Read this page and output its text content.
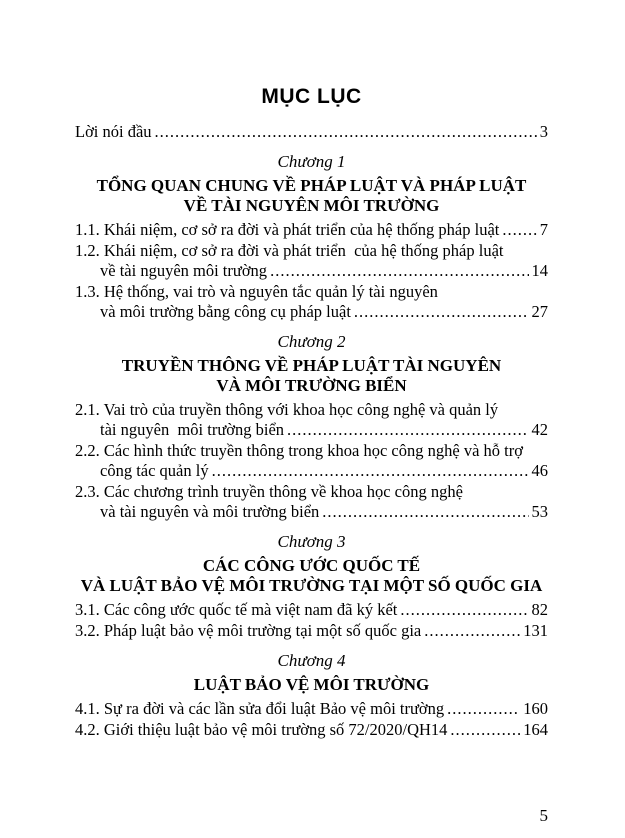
MỤC LỤC
Lời nói đầu .....	3
Chương 1
TỔNG QUAN CHUNG VỀ PHÁP LUẬT VÀ PHÁP LUẬT
VỀ TÀI NGUYÊN MÔI TRƯỜNG
1.1. Khái niệm, cơ sở ra đời và phát triển của hệ thống pháp luật ..... 7
1.2. Khái niệm, cơ sở ra đời và phát triển  của hệ thống pháp luật
về tài nguyên môi trường .....	14
1.3. Hệ thống, vai trò và nguyên tắc quản lý tài nguyên
và môi trường bằng công cụ pháp luật .....	27
Chương 2
TRUYỀN THÔNG VỀ PHÁP LUẬT TÀI NGUYÊN
VÀ MÔI TRƯỜNG BIỂN
2.1. Vai trò của truyền thông với khoa học công nghệ và quản lý
tài nguyên  môi trường biển .....	42
2.2. Các hình thức truyền thông trong khoa học công nghệ và hỗ trợ
công tác quản lý .....	46
2.3. Các chương trình truyền thông về khoa học công nghệ
và tài nguyên và môi trường biển .....	53
Chương 3
CÁC CÔNG ƯỚC QUỐC TẾ
VÀ LUẬT BẢO VỆ MÔI TRƯỜNG TẠI MỘT SỐ QUỐC GIA
3.1. Các công ước quốc tế mà việt nam đã ký kết .....	82
3.2. Pháp luật bảo vệ môi trường tại một số quốc gia .....	131
Chương 4
LUẬT BẢO VỆ MÔI TRƯỜNG
4.1. Sự ra đời và các lần sửa đổi luật Bảo vệ môi trường .....	160
4.2. Giới thiệu luật bảo vệ môi trường số 72/2020/QH14 .....	164
5
